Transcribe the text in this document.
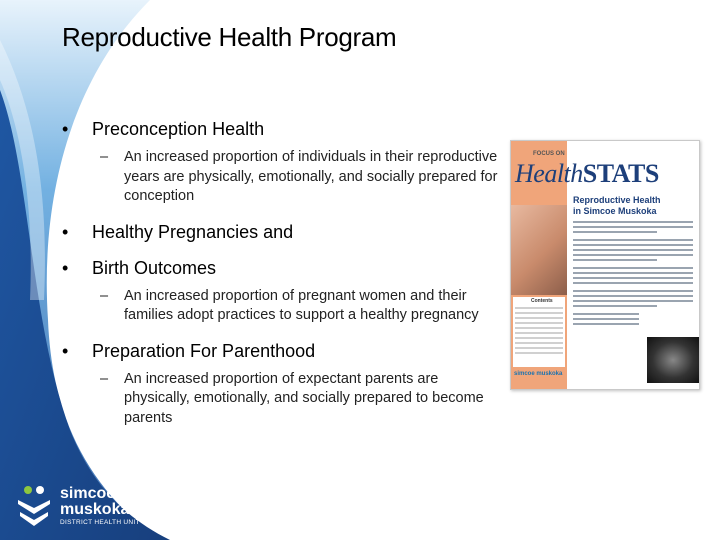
Reproductive Health Program
• Preconception Health
– An increased proportion of individuals in their reproductive years are physically, emotionally, and socially prepared for conception
• Healthy Pregnancies and
• Birth Outcomes
– An increased proportion of pregnant women and their families adopt practices to support a healthy pregnancy
• Preparation For Parenthood
– An increased proportion of expectant parents are physically, emotionally, and socially prepared to become parents
FOCUS ON
HealthSTATS
Reproductive Health
in Simcoe Muskoka
Contents
simcoe muskoka
simcoe
muskoka
DISTRICT HEALTH UNIT
